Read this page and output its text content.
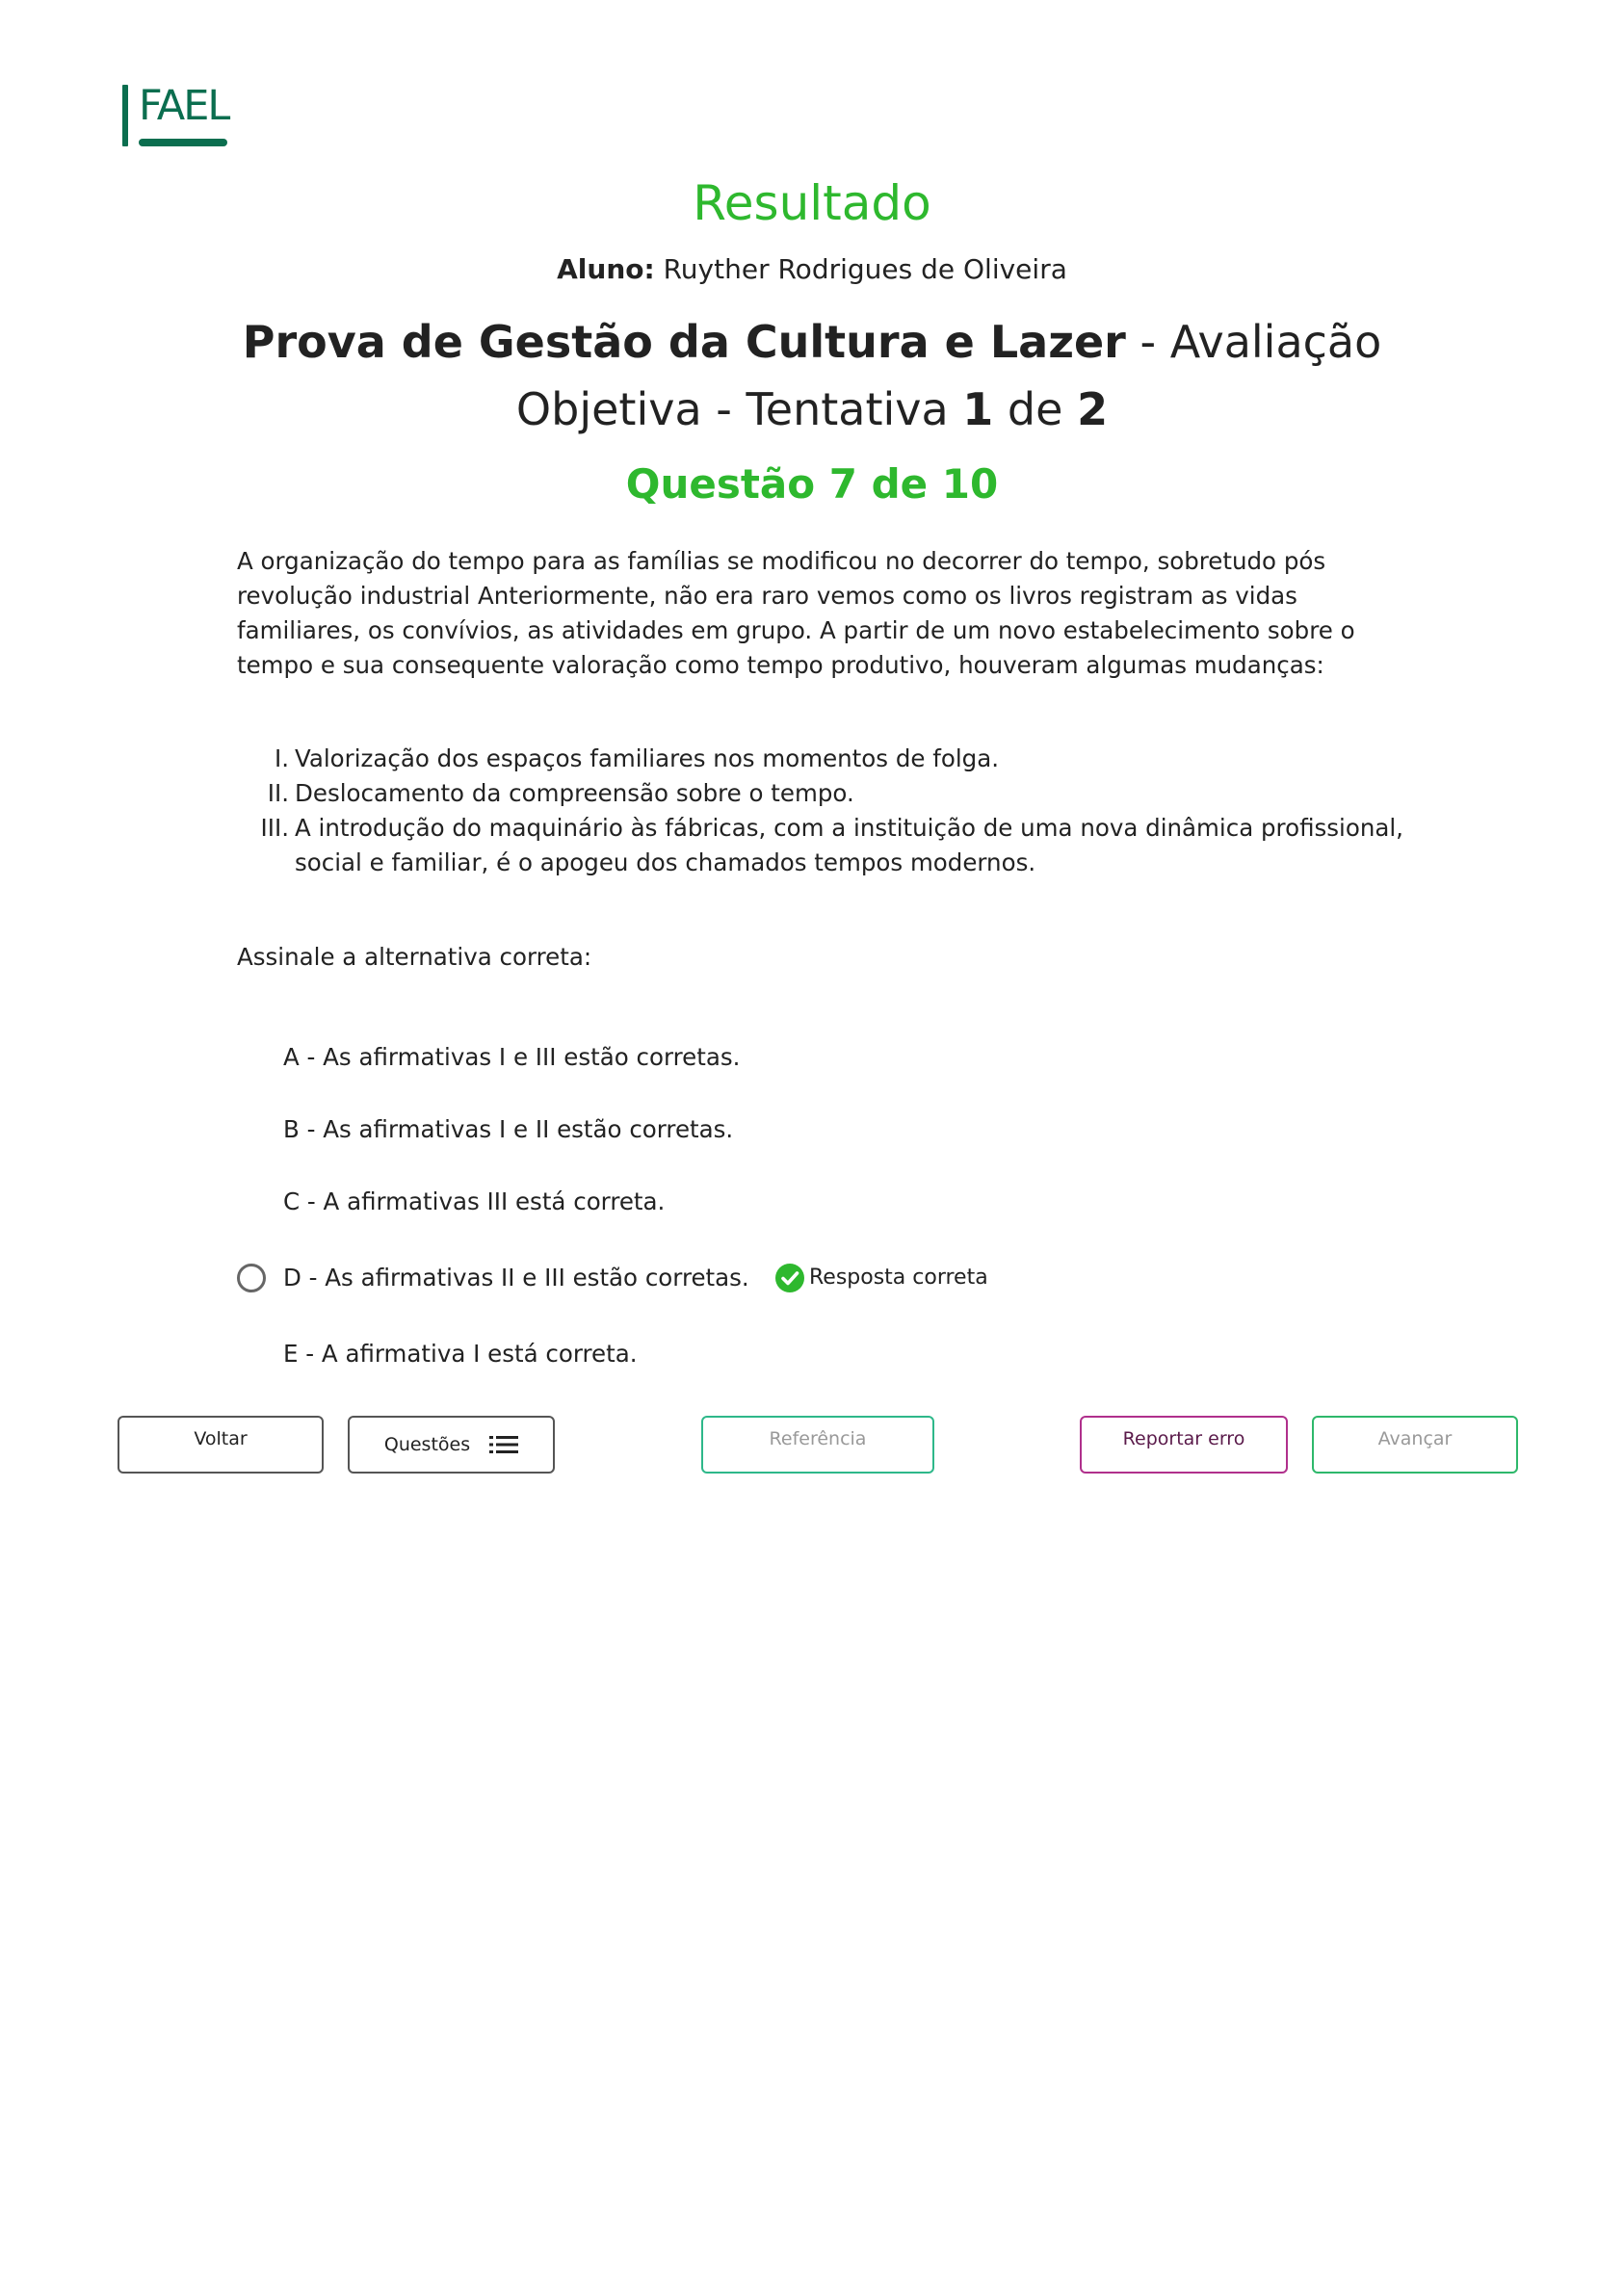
FAEL
Resultado
Aluno: Ruyther Rodrigues de Oliveira
Prova de Gestão da Cultura e Lazer - Avaliação Objetiva - Tentativa 1 de 2
Questão 7 de 10

A organização do tempo para as famílias se modificou no decorrer do tempo, sobretudo pós revolução industrial Anteriormente, não era raro vemos como os livros registram as vidas familiares, os convívios, as atividades em grupo. A partir de um novo estabelecimento sobre o tempo e sua consequente valoração como tempo produtivo, houveram algumas mudanças:

I. Valorização dos espaços familiares nos momentos de folga.
II. Deslocamento da compreensão sobre o tempo.
III. A introdução do maquinário às fábricas, com a instituição de uma nova dinâmica profissional, social e familiar, é o apogeu dos chamados tempos modernos.

Assinale a alternativa correta:

A - As afirmativas I e III estão corretas.
B - As afirmativas I e II estão corretas.
C - A afirmativas III está correta.
D - As afirmativas II e III estão corretas.
E - A afirmativa I está correta.
Resposta correta
Voltar	Questões	Referência	Reportar erro	Avançar
